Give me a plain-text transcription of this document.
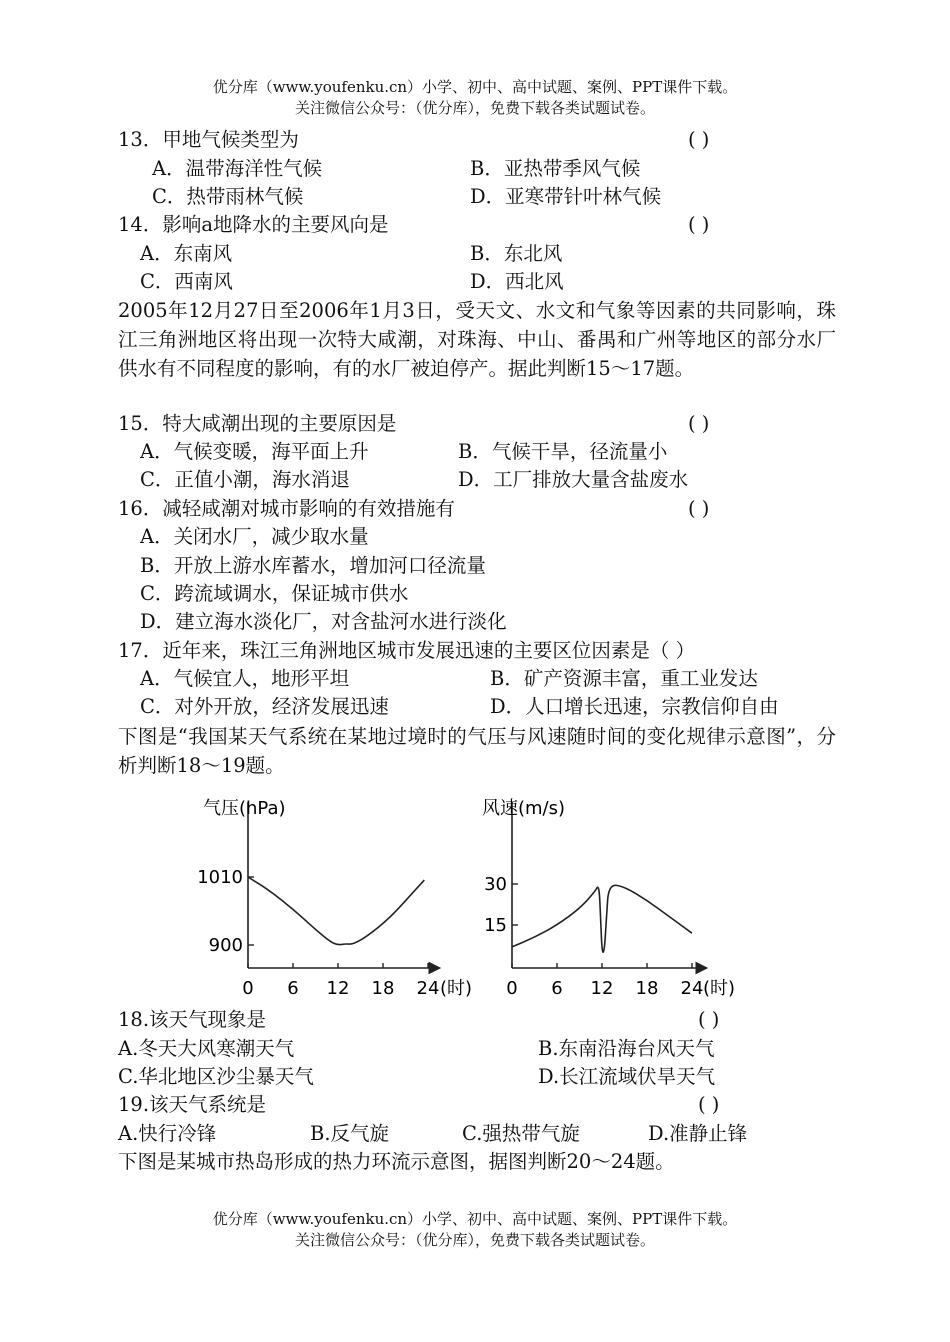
优分库（www.youfenku.cn）小学、初中、高中试题、案例、PPT课件下载。
关注微信公众号：（优分库），免费下载各类试题试卷。
13．甲地气候类型为	( )
A．温带海洋性气候	B．亚热带季风气候
C．热带雨林气候	D．亚寒带针叶林气候
14．影响a地降水的主要风向是	( )
A．东南风	B．东北风
C．西南风	D．西北风
2005年12月27日至2006年1月3日，受天文、水文和气象等因素的共同影响，珠江三角洲地区将出现一次特大咸潮，对珠海、中山、番禺和广州等地区的部分水厂供水有不同程度的影响，有的水厂被迫停产。据此判断15～17题。
15．特大咸潮出现的主要原因是	( )
A．气候变暖，海平面上升	B．气候干旱，径流量小
C．正值小潮，海水消退	D．工厂排放大量含盐废水
16．减轻咸潮对城市影响的有效措施有	( )
A．关闭水厂，减少取水量
B．开放上游水库蓄水，增加河口径流量
C．跨流域调水，保证城市供水
D．建立海水淡化厂，对含盐河水进行淡化
17．近年来，珠江三角洲地区城市发展迅速的主要区位因素是（ ）
A．气候宜人，地形平坦	B．矿产资源丰富，重工业发达
C．对外开放，经济发展迅速	D．人口增长迅速，宗教信仰自由
下图是“我国某天气系统在某地过境时的气压与风速随时间的变化规律示意图”，分析判断18～19题。
气压(hPa)
(时)
0 6 12 18 24
900
1010
风速(m/s)
(时)
0 6 12 18 24
15
30
18.该天气现象是	( )
A.冬天大风寒潮天气	B.东南沿海台风天气
C.华北地区沙尘暴天气	D.长江流域伏旱天气
19.该天气系统是	( )
A.快行冷锋	B.反气旋	C.强热带气旋	D.准静止锋
下图是某城市热岛形成的热力环流示意图，据图判断20～24题。
优分库（www.youfenku.cn）小学、初中、高中试题、案例、PPT课件下载。
关注微信公众号：（优分库），免费下载各类试题试卷。
